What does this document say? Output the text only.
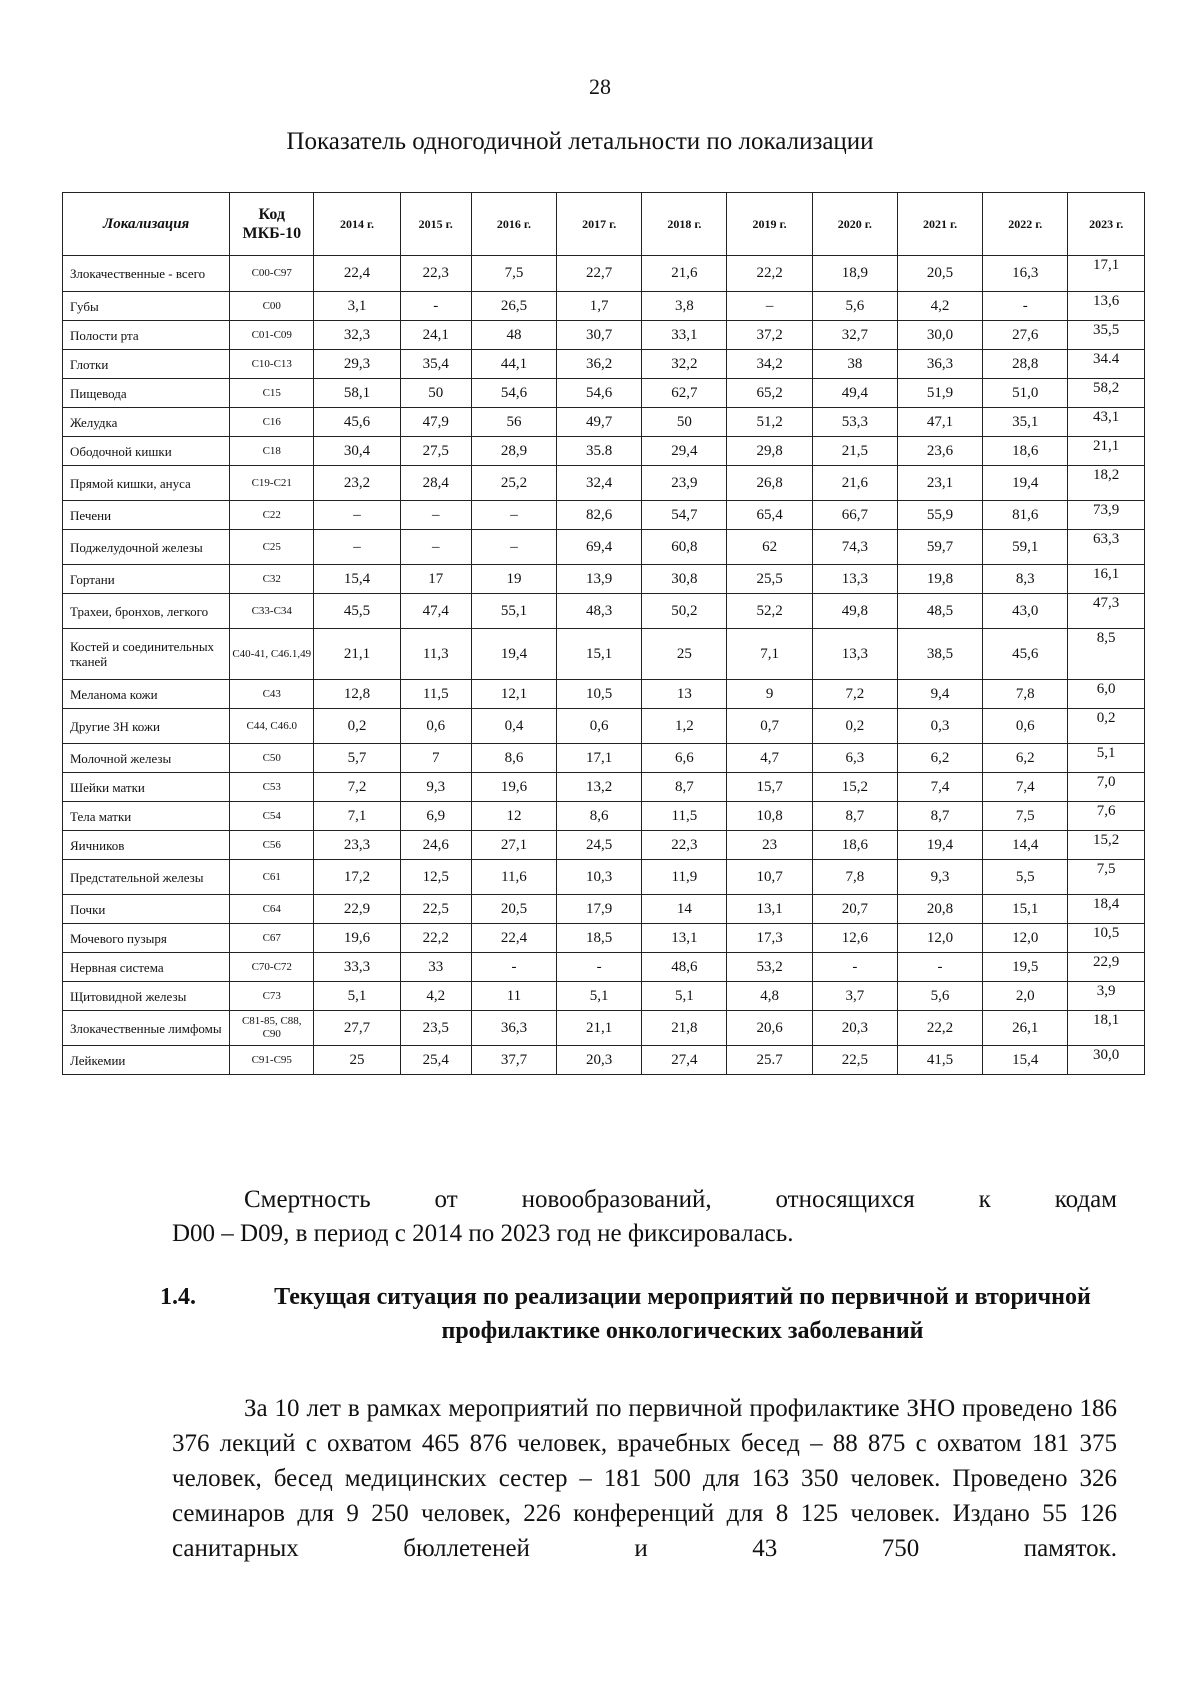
28
Показатель одногодичной летальности по локализации
Локализация	Код МКБ-10	2014 г.	2015 г.	2016 г.	2017 г.	2018 г.	2019 г.	2020 г.	2021 г.	2022 г.	2023 г.
Злокачественные - всего	C00-C97	22,4	22,3	7,5	22,7	21,6	22,2	18,9	20,5	16,3	17,1
Губы	C00	3,1	-	26,5	1,7	3,8	–	5,6	4,2	-	13,6
Полости рта	C01-C09	32,3	24,1	48	30,7	33,1	37,2	32,7	30,0	27,6	35,5
Глотки	C10-C13	29,3	35,4	44,1	36,2	32,2	34,2	38	36,3	28,8	34.4
Пищевода	C15	58,1	50	54,6	54,6	62,7	65,2	49,4	51,9	51,0	58,2
Желудка	C16	45,6	47,9	56	49,7	50	51,2	53,3	47,1	35,1	43,1
Ободочной кишки	C18	30,4	27,5	28,9	35.8	29,4	29,8	21,5	23,6	18,6	21,1
Прямой кишки, ануса	C19-C21	23,2	28,4	25,2	32,4	23,9	26,8	21,6	23,1	19,4	18,2
Печени	C22	–	–	–	82,6	54,7	65,4	66,7	55,9	81,6	73,9
Поджелудочной железы	C25	–	–	–	69,4	60,8	62	74,3	59,7	59,1	63,3
Гортани	C32	15,4	17	19	13,9	30,8	25,5	13,3	19,8	8,3	16,1
Трахеи, бронхов, легкого	C33-C34	45,5	47,4	55,1	48,3	50,2	52,2	49,8	48,5	43,0	47,3
Костей и соединительных тканей	C40-41, C46.1,49	21,1	11,3	19,4	15,1	25	7,1	13,3	38,5	45,6	8,5
Меланома кожи	C43	12,8	11,5	12,1	10,5	13	9	7,2	9,4	7,8	6,0
Другие ЗН кожи	C44, C46.0	0,2	0,6	0,4	0,6	1,2	0,7	0,2	0,3	0,6	0,2
Молочной железы	C50	5,7	7	8,6	17,1	6,6	4,7	6,3	6,2	6,2	5,1
Шейки матки	C53	7,2	9,3	19,6	13,2	8,7	15,7	15,2	7,4	7,4	7,0
Тела матки	C54	7,1	6,9	12	8,6	11,5	10,8	8,7	8,7	7,5	7,6
Яичников	C56	23,3	24,6	27,1	24,5	22,3	23	18,6	19,4	14,4	15,2
Предстательной железы	C61	17,2	12,5	11,6	10,3	11,9	10,7	7,8	9,3	5,5	7,5
Почки	C64	22,9	22,5	20,5	17,9	14	13,1	20,7	20,8	15,1	18,4
Мочевого пузыря	C67	19,6	22,2	22,4	18,5	13,1	17,3	12,6	12,0	12,0	10,5
Нервная система	C70-C72	33,3	33	-	-	48,6	53,2	-	-	19,5	22,9
Щитовидной железы	C73	5,1	4,2	11	5,1	5,1	4,8	3,7	5,6	2,0	3,9
Злокачественные лимфомы	C81-85, C88, C90	27,7	23,5	36,3	21,1	21,8	20,6	20,3	22,2	26,1	18,1
Лейкемии	C91-C95	25	25,4	37,7	20,3	27,4	25.7	22,5	41,5	15,4	30,0
Смертность от новообразований, относящихся к кодам
D00 – D09, в период с 2014 по 2023 год не фиксировалась.
1.4.	Текущая ситуация по реализации мероприятий по первичной и вторичной профилактике онкологических заболеваний
За 10 лет в рамках мероприятий по первичной профилактике ЗНО проведено 186 376 лекций с охватом 465 876 человек, врачебных бесед – 88 875 с охватом 181 375 человек, бесед медицинских сестер – 181 500 для 163 350 человек. Проведено 326 семинаров для 9 250 человек, 226 конференций для 8 125 человек. Издано 55 126 санитарных бюллетеней и 43 750 памяток.
